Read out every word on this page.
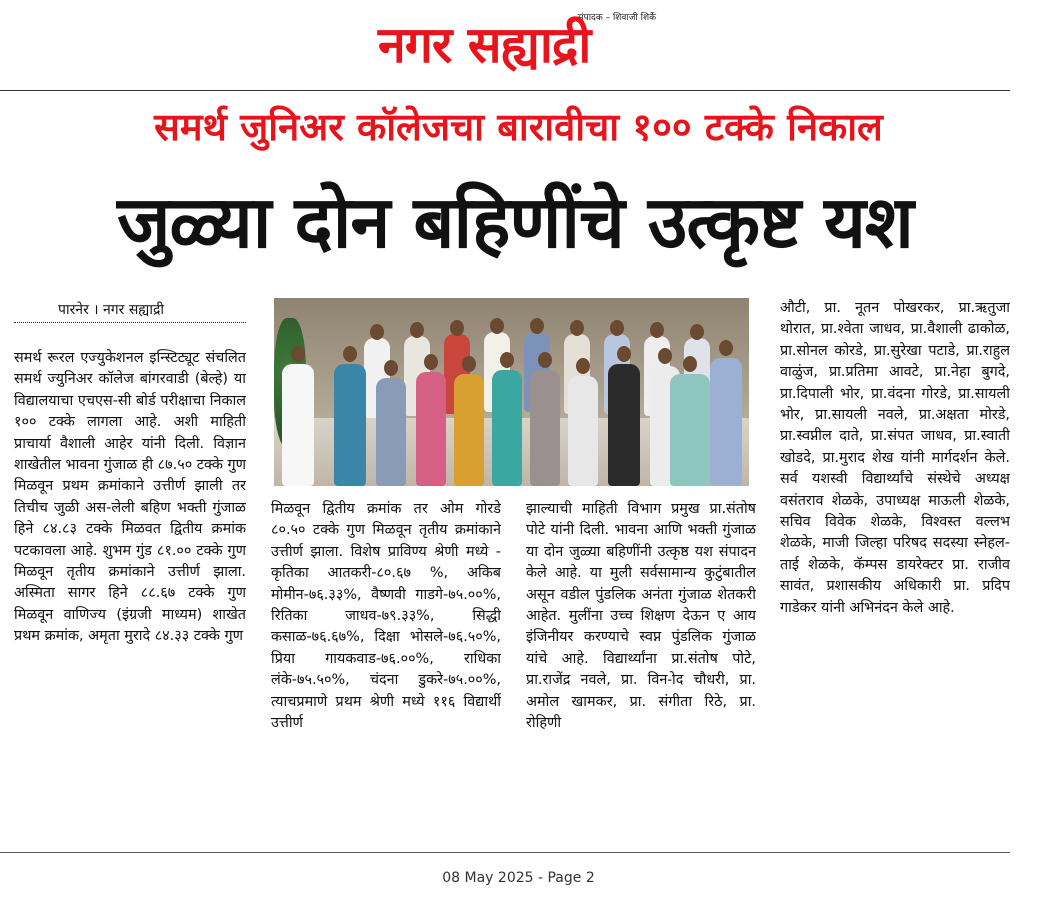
संपादक – शिवाजी शिर्के
नगर सह्याद्री
समर्थ जुनिअर कॉलेजचा बारावीचा १०० टक्के निकाल
जुळ्या दोन बहिणींचे उत्कृष्ट यश
पारनेर । नगर सह्याद्री
समर्थ रूरल एज्युकेशनल इन्स्टिट्यूट संचलित समर्थ ज्युनिअर कॉलेज बांगरवाडी (बेल्हे) या विद्यालयाचा एचएस-सी बोर्ड परीक्षाचा निकाल १०० टक्के लागला आहे. अशी माहिती प्राचार्या वैशाली आहेर यांनी दिली. विज्ञान शाखेतील भावना गुंजाळ ही ८७.५० टक्के गुण मिळवून प्रथम क्रमांकाने उत्तीर्ण झाली तर तिचीच जुळी अस-लेली बहिण भक्ती गुंजाळ हिने ८४.८३ टक्के मिळवत द्वितीय क्रमांक पटकावला आहे. शुभम गुंड ८१.०० टक्के गुण मिळवून तृतीय क्रमांकाने उत्तीर्ण झाला. अस्मिता सागर हिने ८८.६७ टक्के गुण मिळवून वाणिज्य (इंग्रजी माध्यम) शाखेत प्रथम क्रमांक, अमृता मुरादे ८४.३३ टक्के गुण
मिळवून द्वितीय क्रमांक तर ओम गोरडे ८०.५० टक्के गुण मिळवून तृतीय क्रमांकाने उत्तीर्ण झाला. विशेष प्राविण्य श्रेणी मध्ये - कृतिका आतकरी-८०.६७ %, अकिब मोमीन-७६.३३%, वैष्णवी गाडगे-७५.००%, रितिका जाधव-७९.३३%, सिद्धी कसाळ-७६.६७%, दिक्षा भोसले-७६.५०%, प्रिया गायकवाड-७६.००%, राधिका लंके-७५.५०%, चंदना डुकरे-७५.००%, त्याचप्रमाणे प्रथम श्रेणी मध्ये ११६ विद्यार्थी उत्तीर्ण
झाल्याची माहिती विभाग प्रमुख प्रा.संतोष पोटे यांनी दिली. भावना आणि भक्ती गुंजाळ या दोन जुळ्या बहिणींनी उत्कृष्ठ यश संपादन केले आहे. या मुली सर्वसामान्य कुटुंबातील असून वडील पुंडलिक अनंता गुंजाळ शेतकरी आहेत. मुलींना उच्च शिक्षण देऊन ए आय इंजिनीयर करण्याचे स्वप्न पुंडलिक गुंजाळ यांचे आहे. विद्यार्थ्यांना प्रा.संतोष पोटे, प्रा.राजेंद्र नवले, प्रा. विन-ोद चौधरी, प्रा. अमोल खामकर, प्रा. संगीता रिठे, प्रा. रोहिणी
औटी, प्रा. नूतन पोखरकर, प्रा.ऋतुजा थोरात, प्रा.श्वेता जाधव, प्रा.वैशाली ढाकोळ, प्रा.सोनल कोरडे, प्रा.सुरेखा पटाडे, प्रा.राहुल वाळुंज, प्रा.प्रतिमा आवटे, प्रा.नेहा बुगदे, प्रा.दिपाली भोर, प्रा.वंदना गोरडे, प्रा.सायली भोर, प्रा.सायली नवले, प्रा.अक्षता मोरडे, प्रा.स्वप्नील दाते, प्रा.संपत जाधव, प्रा.स्वाती खोडदे, प्रा.मुराद शेख यांनी मार्गदर्शन केले. सर्व यशस्वी विद्यार्थ्यांचे संस्थेचे अध्यक्ष वसंतराव शेळके, उपाध्यक्ष माऊली शेळके, सचिव विवेक शेळके, विश्वस्त वल्लभ शेळके, माजी जिल्हा परिषद सदस्या स्नेहल-ताई शेळके, कॅम्पस डायरेक्टर प्रा. राजीव सावंत, प्रशासकीय अधिकारी प्रा. प्रदिप गाडेकर यांनी अभिनंदन केले आहे.
08 May 2025 - Page 2
